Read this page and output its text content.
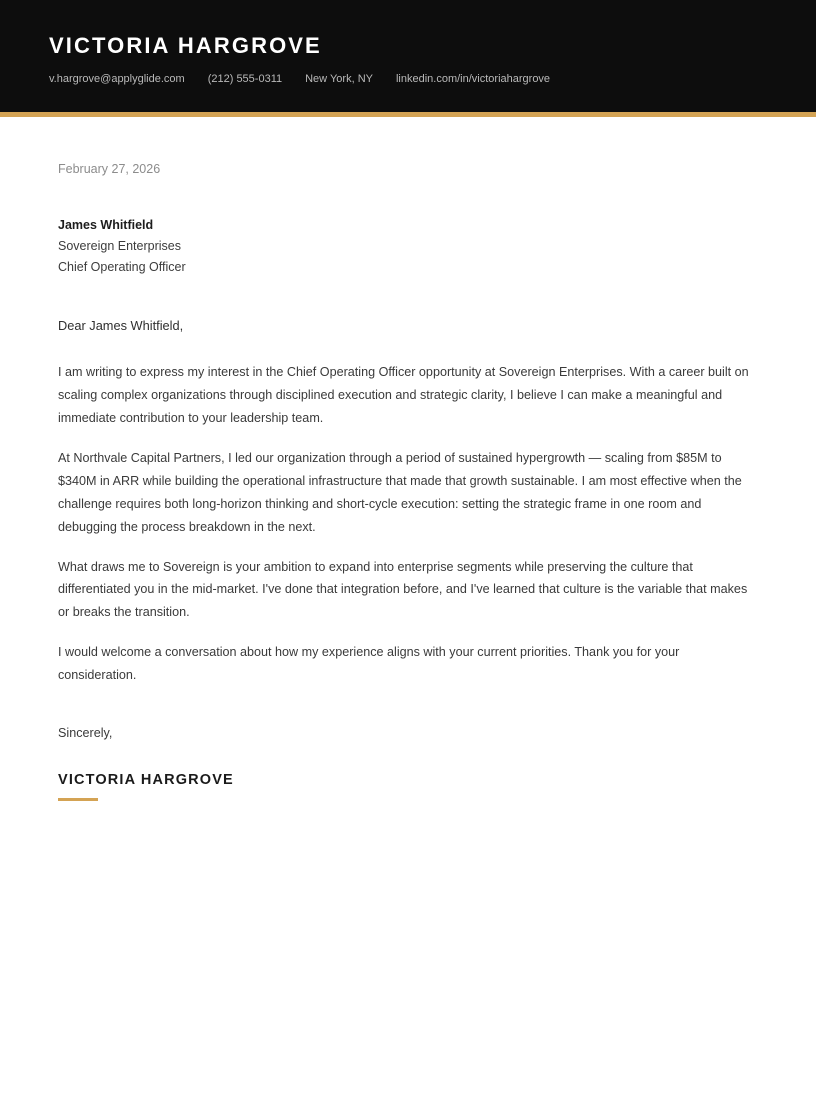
VICTORIA HARGROVE
v.hargrove@applyglide.com (212) 555-0311 New York, NY linkedin.com/in/victoriahargrove
February 27, 2026
James Whitfield
Sovereign Enterprises
Chief Operating Officer

Dear James Whitfield,

I am writing to express my interest in the Chief Operating Officer opportunity at Sovereign Enterprises. With a career built on scaling complex organizations through disciplined execution and strategic clarity, I believe I can make a meaningful and immediate contribution to your leadership team.

At Northvale Capital Partners, I led our organization through a period of sustained hypergrowth — scaling from $85M to $340M in ARR while building the operational infrastructure that made that growth sustainable. I am most effective when the challenge requires both long-horizon thinking and short-cycle execution: setting the strategic frame in one room and debugging the process breakdown in the next.

What draws me to Sovereign is your ambition to expand into enterprise segments while preserving the culture that differentiated you in the mid-market. I've done that integration before, and I've learned that culture is the variable that makes or breaks the transition.

I would welcome a conversation about how my experience aligns with your current priorities. Thank you for your consideration.

Sincerely,

VICTORIA HARGROVE
